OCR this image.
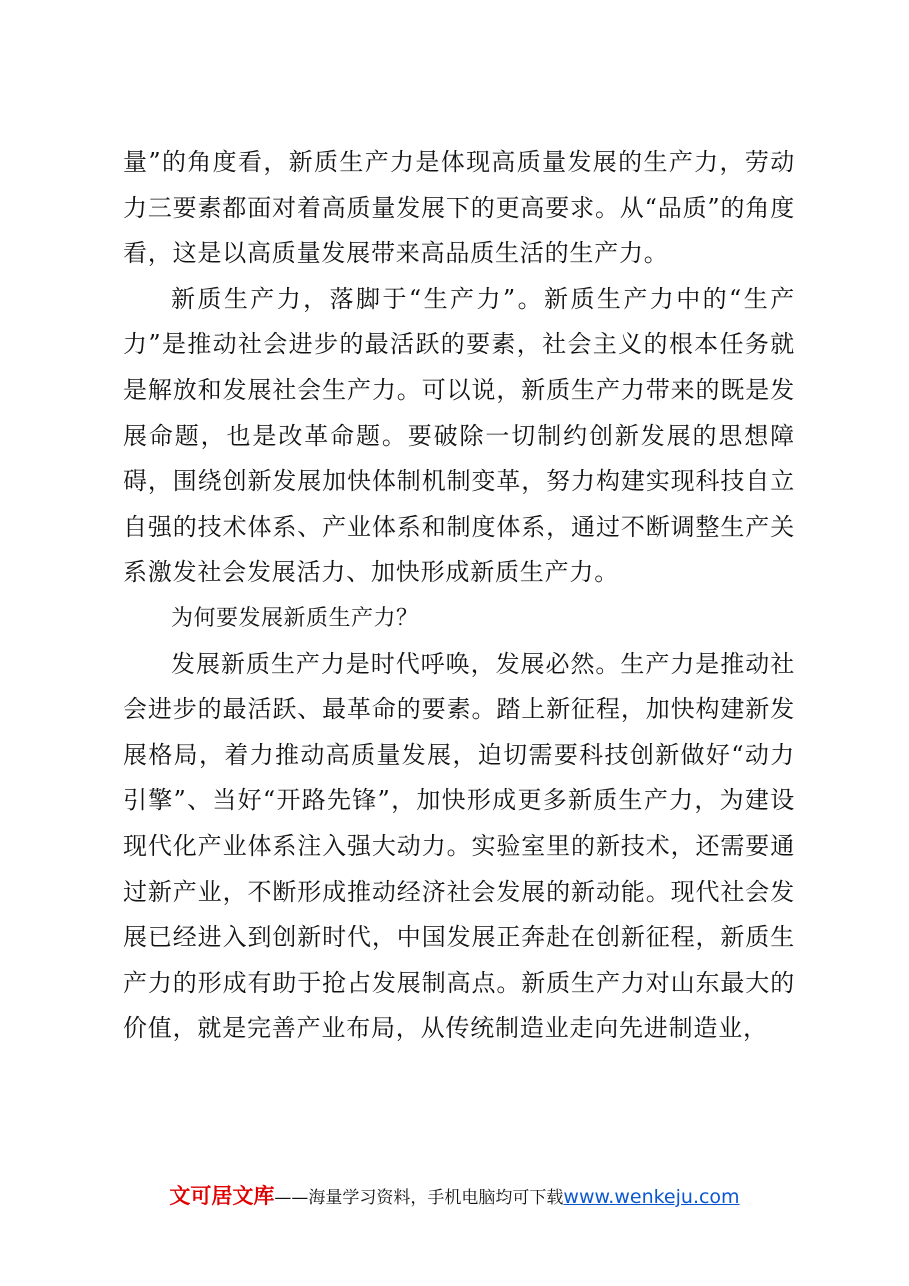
量”的角度看，新质生产力是体现高质量发展的生产力，劳动力三要素都面对着高质量发展下的更高要求。从“品质”的角度看，这是以高质量发展带来高品质生活的生产力。

新质生产力，落脚于“生产力”。新质生产力中的“生产力”是推动社会进步的最活跃的要素，社会主义的根本任务就是解放和发展社会生产力。可以说，新质生产力带来的既是发展命题，也是改革命题。要破除一切制约创新发展的思想障碍，围绕创新发展加快体制机制变革，努力构建实现科技自立自强的技术体系、产业体系和制度体系，通过不断调整生产关系激发社会发展活力、加快形成新质生产力。

为何要发展新质生产力？

发展新质生产力是时代呼唤，发展必然。生产力是推动社会进步的最活跃、最革命的要素。踏上新征程，加快构建新发展格局，着力推动高质量发展，迫切需要科技创新做好“动力引擎”、当好“开路先锋”，加快形成更多新质生产力，为建设现代化产业体系注入强大动力。实验室里的新技术，还需要通过新产业，不断形成推动经济社会发展的新动能。现代社会发展已经进入到创新时代，中国发展正奔赴在创新征程，新质生产力的形成有助于抢占发展制高点。新质生产力对山东最大的价值，就是完善产业布局，从传统制造业走向先进制造业，

文可居文库——海量学习资料，手机电脑均可下载www.wenkeju.com
